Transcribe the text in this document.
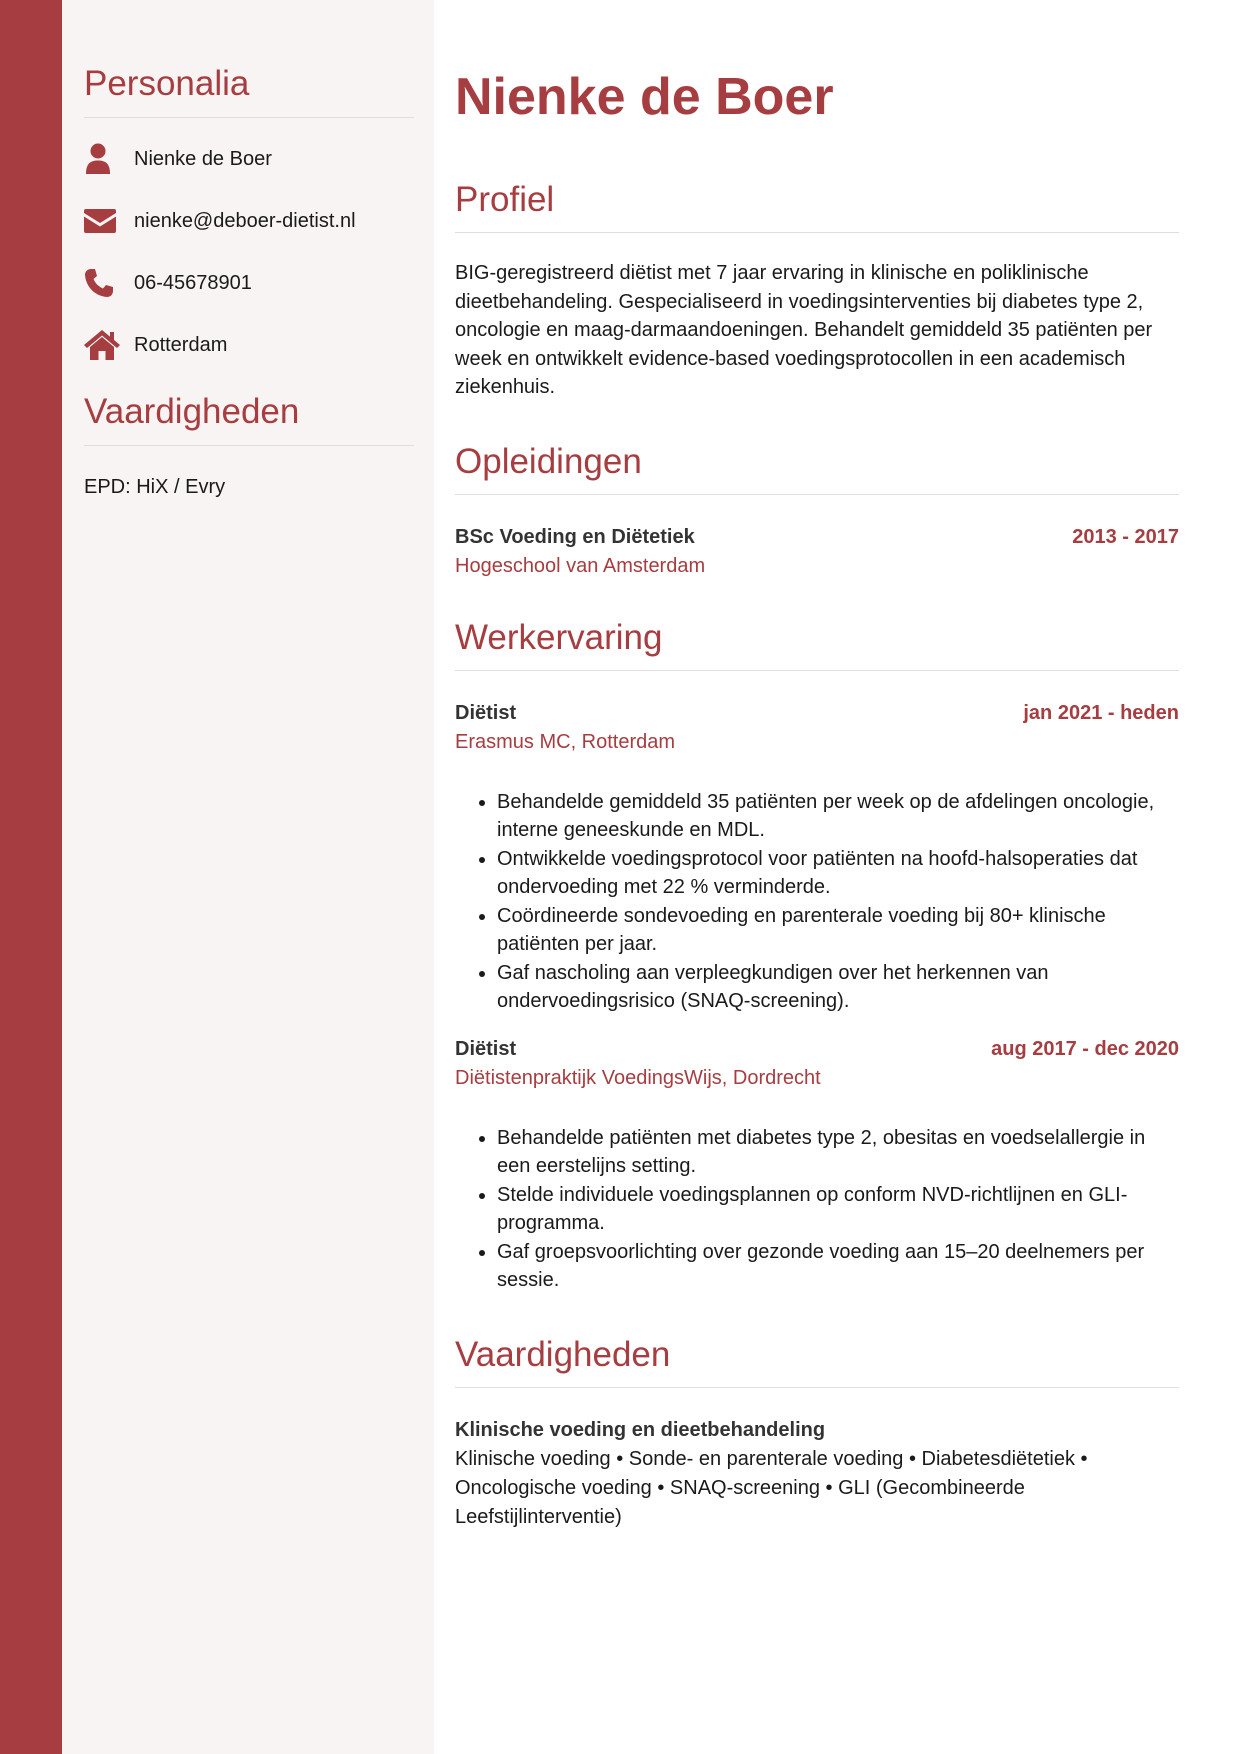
Personalia
Nienke de Boer
nienke@deboer-dietist.nl
06-45678901
Rotterdam
Vaardigheden
EPD: HiX / Evry
Nienke de Boer
Profiel

BIG-geregistreerd diëtist met 7 jaar ervaring in klinische en poliklinische dieetbehandeling. Gespecialiseerd in voedingsinterventies bij diabetes type 2, oncologie en maag-darmaandoeningen. Behandelt gemiddeld 35 patiënten per week en ontwikkelt evidence-based voedingsprotocollen in een academisch ziekenhuis.

Opleidingen
BSc Voeding en Diëtetiek	2013 - 2017
Hogeschool van Amsterdam
Werkervaring
Diëtist	jan 2021 - heden
Erasmus MC, Rotterdam
• Behandelde gemiddeld 35 patiënten per week op de afdelingen oncologie, interne geneeskunde en MDL.
• Ontwikkelde voedingsprotocol voor patiënten na hoofd-halsoperaties dat ondervoeding met 22 % verminderde.
• Coördineerde sondevoeding en parenterale voeding bij 80+ klinische patiënten per jaar.
• Gaf nascholing aan verpleegkundigen over het herkennen van ondervoedingsrisico (SNAQ-screening).
Diëtist	aug 2017 - dec 2020
Diëtistenpraktijk VoedingsWijs, Dordrecht
• Behandelde patiënten met diabetes type 2, obesitas en voedselallergie in een eerstelijns setting.
• Stelde individuele voedingsplannen op conform NVD-richtlijnen en GLI-programma.
• Gaf groepsvoorlichting over gezonde voeding aan 15–20 deelnemers per sessie.
Vaardigheden
Klinische voeding en dieetbehandeling
Klinische voeding • Sonde- en parenterale voeding • Diabetesdiëtetiek • Oncologische voeding • SNAQ-screening • GLI (Gecombineerde Leefstijlinterventie)
